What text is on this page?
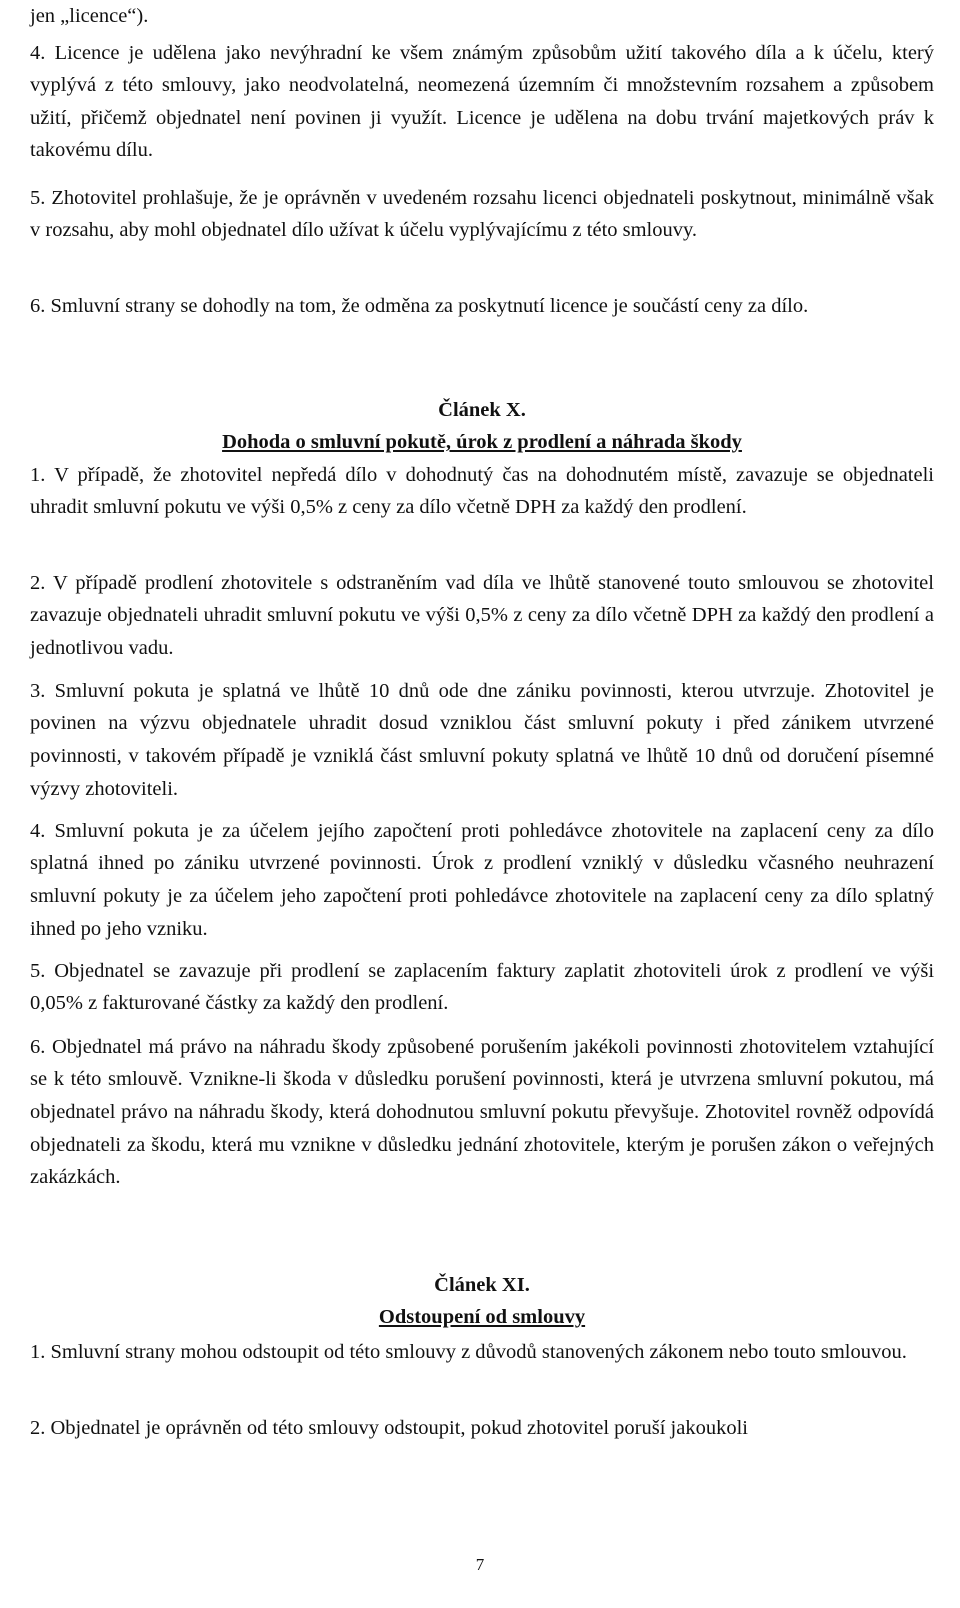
jen „licence“).

4. Licence je udělena jako nevýhradní ke všem známým způsobům užití takového díla a k účelu, který vyplývá z této smlouvy, jako neodvolatelná, neomezená územním či množstevním rozsahem a způsobem užití, přičemž objednatel není povinen ji využít. Licence je udělena na dobu trvání majetkových práv k takovému dílu.

5. Zhotovitel prohlašuje, že je oprávněn v uvedeném rozsahu licenci objednateli poskytnout, minimálně však v rozsahu, aby mohl objednatel dílo užívat k účelu vyplývajícímu z této smlouvy.

6. Smluvní strany se dohodly na tom, že odměna za poskytnutí licence je součástí ceny za dílo.

Článek X.

Dohoda o smluvní pokutě, úrok z prodlení a náhrada škody

1. V případě, že zhotovitel nepředá dílo v dohodnutý čas na dohodnutém místě, zavazuje se objednateli uhradit smluvní pokutu ve výši 0,5% z ceny za dílo včetně DPH za každý den prodlení.

2. V případě prodlení zhotovitele s odstraněním vad díla ve lhůtě stanovené touto smlouvou se zhotovitel zavazuje objednateli uhradit smluvní pokutu ve výši 0,5% z ceny za dílo včetně DPH za každý den prodlení a jednotlivou vadu.

3. Smluvní pokuta je splatná ve lhůtě 10 dnů ode dne zániku povinnosti, kterou utvrzuje. Zhotovitel je povinen na výzvu objednatele uhradit dosud vzniklou část smluvní pokuty i před zánikem utvrzené povinnosti, v takovém případě je vzniklá část smluvní pokuty splatná ve lhůtě 10 dnů od doručení písemné výzvy zhotoviteli.

4. Smluvní pokuta je za účelem jejího započtení proti pohledávce zhotovitele na zaplacení ceny za dílo splatná ihned po zániku utvrzené povinnosti. Úrok z prodlení vzniklý v důsledku včasného neuhrazení smluvní pokuty je za účelem jeho započtení proti pohledávce zhotovitele na zaplacení ceny za dílo splatný ihned po jeho vzniku.

5. Objednatel se zavazuje při prodlení se zaplacením faktury zaplatit zhotoviteli úrok z prodlení ve výši 0,05% z fakturované částky za každý den prodlení.

6. Objednatel má právo na náhradu škody způsobené porušením jakékoli povinnosti zhotovitelem vztahující se k této smlouvě. Vznikne-li škoda v důsledku porušení povinnosti, která je utvrzena smluvní pokutou, má objednatel právo na náhradu škody, která dohodnutou smluvní pokutu převyšuje. Zhotovitel rovněž odpovídá objednateli za škodu, která mu vznikne v důsledku jednání zhotovitele, kterým je porušen zákon o veřejných zakázkách.

Článek XI.

Odstoupení od smlouvy

1. Smluvní strany mohou odstoupit od této smlouvy z důvodů stanovených zákonem nebo touto smlouvou.

2. Objednatel je oprávněn od této smlouvy odstoupit, pokud zhotovitel poruší jakoukoli

7
